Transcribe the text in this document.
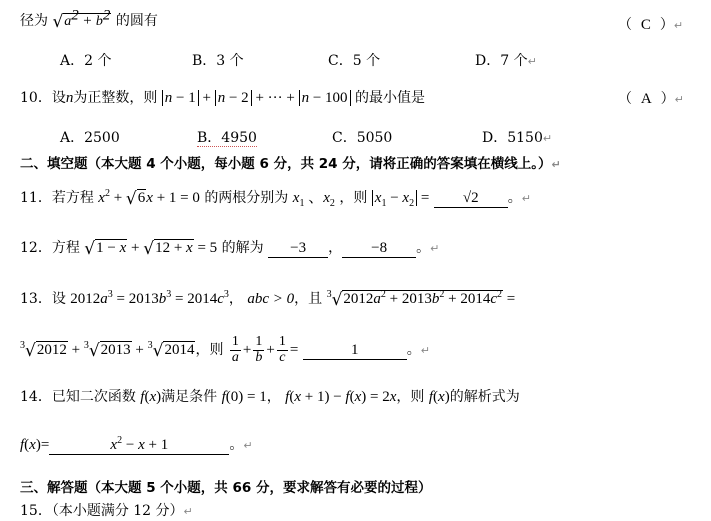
径为 $√a^2 + b^2$ 的圆有	（  C  ）↵
A．2 个	B．3 个	C．5 个	D．7 个↵
10．设n为正整数，则 n − 1 + n − 2 + ··· + n − 100 的最小值是	（  A  ）↵
A．2500	B．4950	C．5050	D．5150↵
二、填空题（本大题 4 个小题，每小题 6 分，共 24 分，请将正确的答案填在横线上。）↵
11．若方程 $x^2 + √6x + 1 = 0$ 的两根分别为 $x_1$ 、$x_2$ ，则 $x_1 - x_2 = √2$ 。↵
12．方程 √1 − x + √12 + x = 5 的解为 −3 ， −8 。↵
13．设 $2012a^3 = 2013b^3 = 2014c^3$， abc > 0，且 $^3√2012a^2 + 2013b^2 + 2014c^2$ =
$^3$√2012 + $^3$√2013 + $^3$√2014，则 $\frac{1}{a} + \frac{1}{b} + \frac{1}{c}$ =	1	。↵
14．已知二次函数 f(x)满足条件 f(0) = 1， f(x + 1) − f(x) = 2x，则 f(x)的解析式为
f(x)=	$x^2 - x + 1$	。↵
三、解答题（本大题 5 个小题，共 66 分，要求解答有必要的过程）
15．（本小题满分 12 分）↵
